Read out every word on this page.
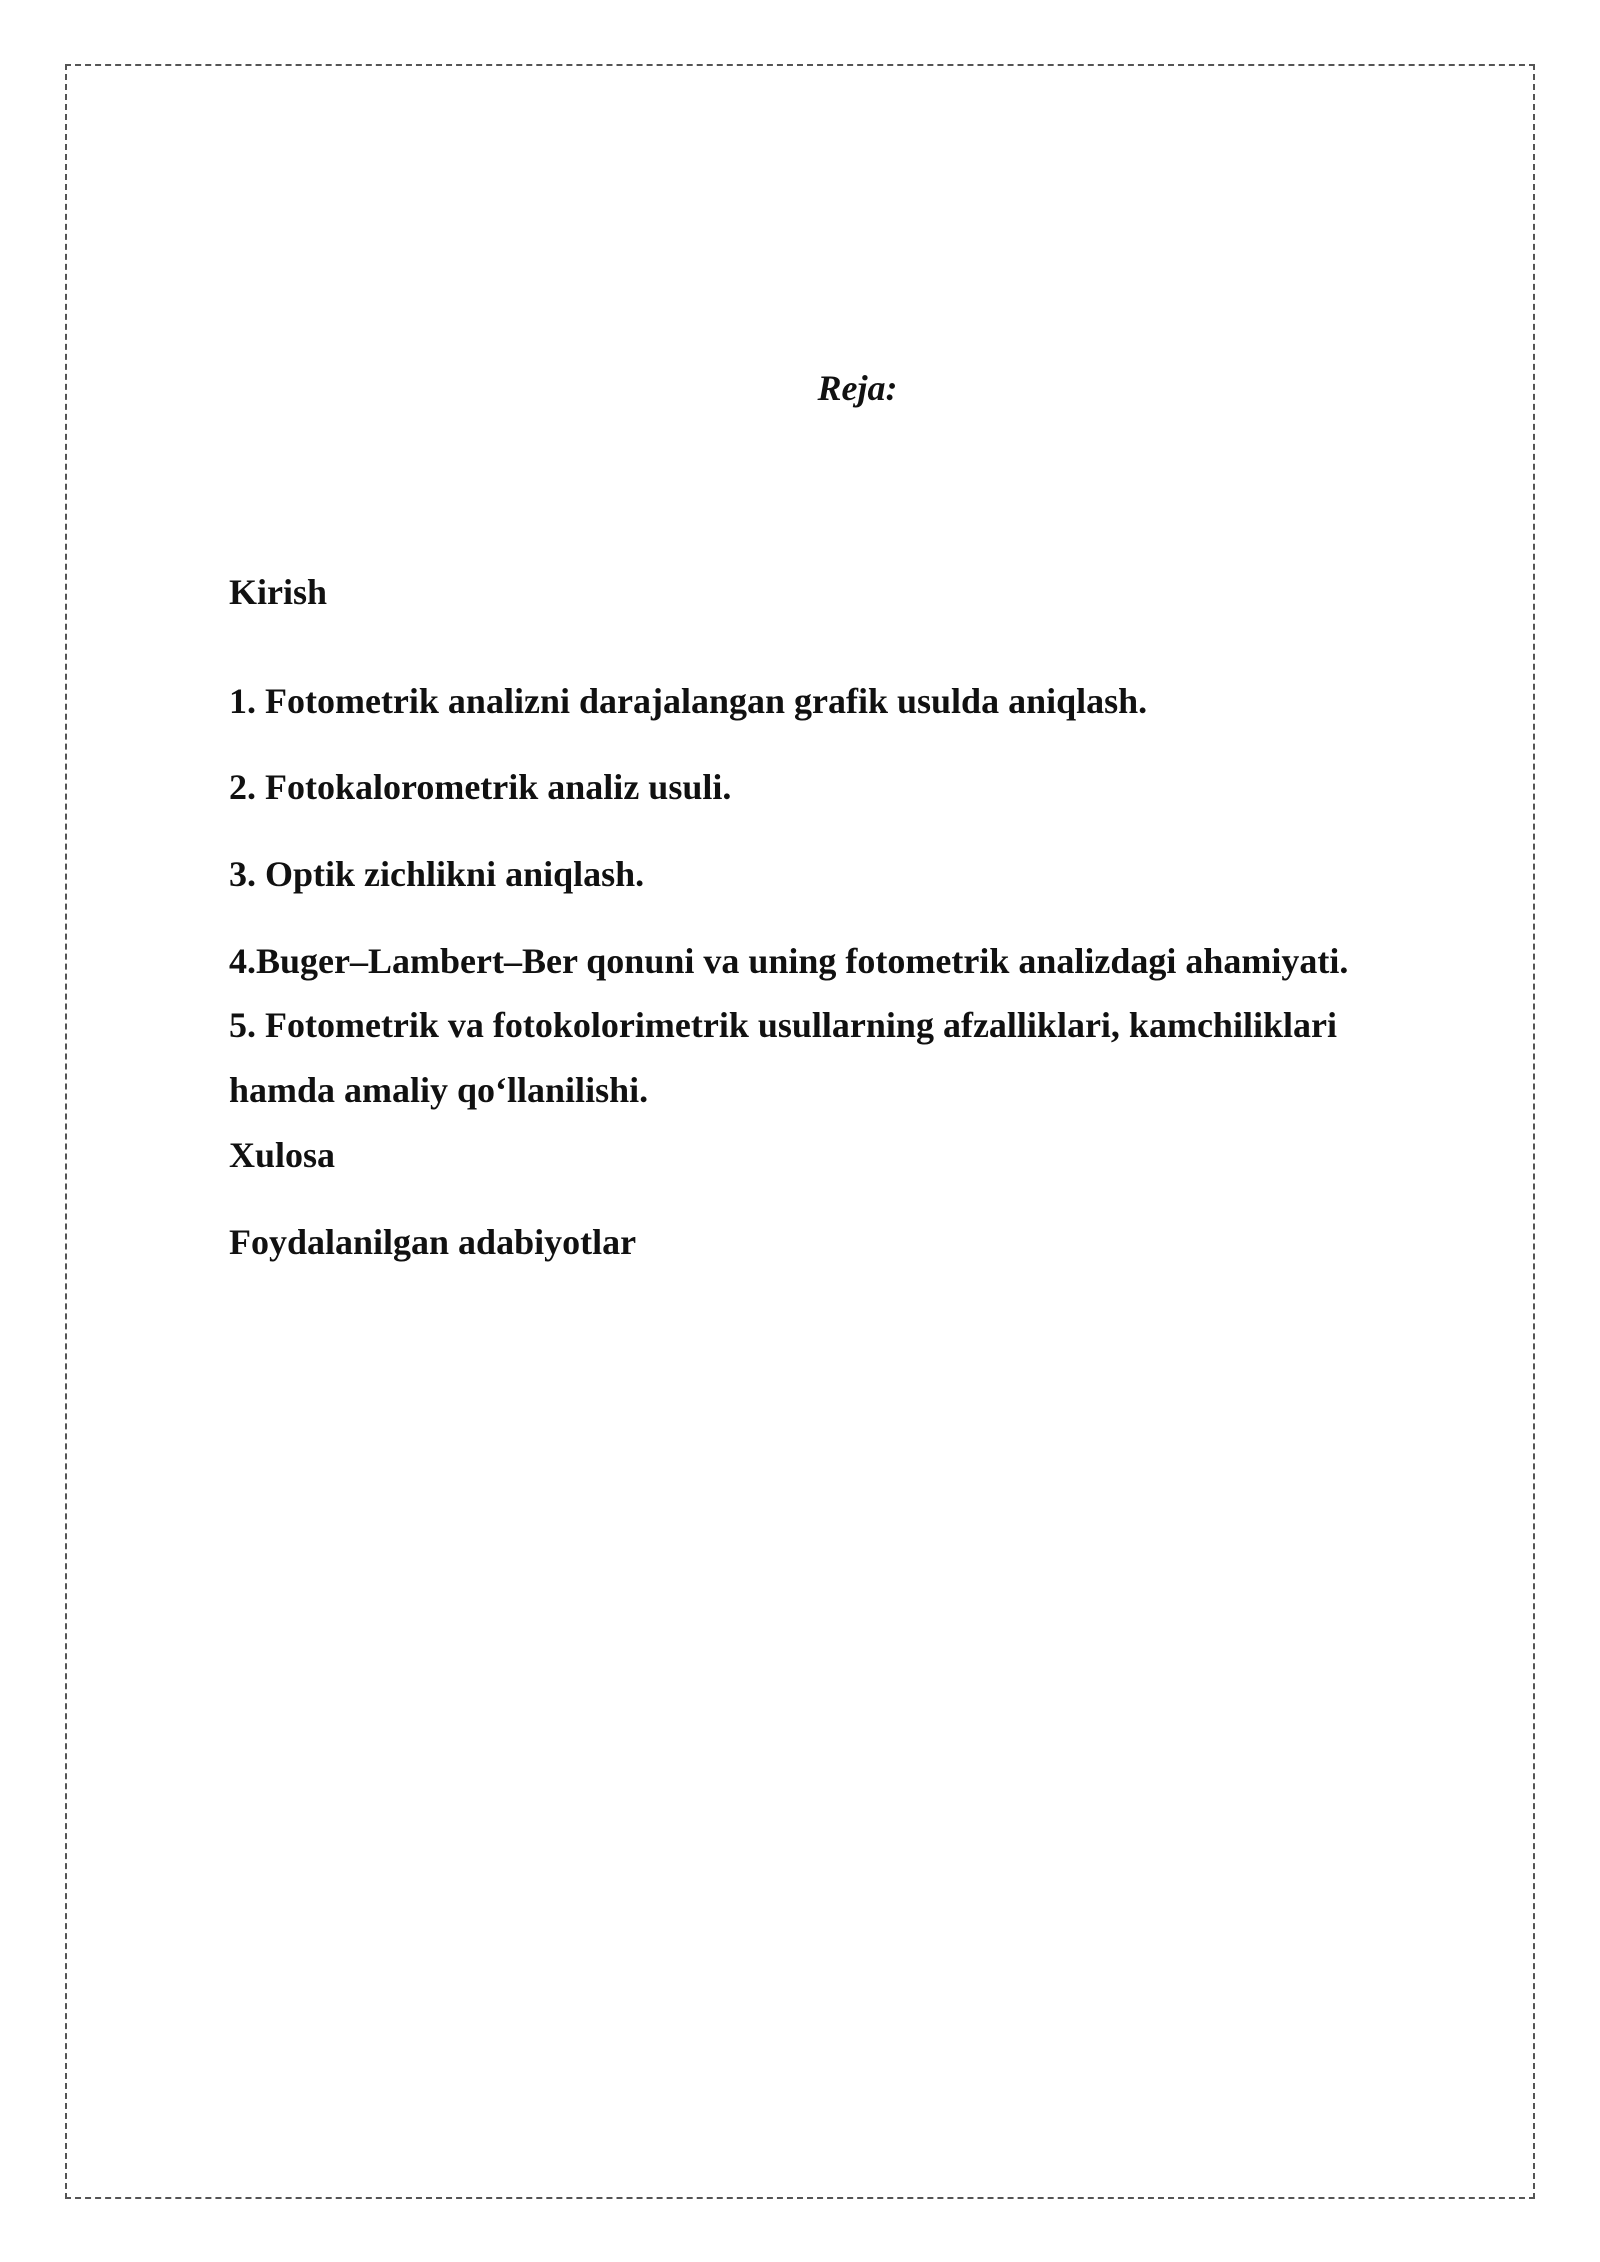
Reja:

Kirish

1. Fotometrik analizni darajalangan grafik usulda aniqlash.

2. Fotokalorometrik analiz usuli.

3. Optik zichlikni aniqlash.

4.Buger–Lambert–Ber qonuni va uning fotometrik analizdagi ahamiyati.

5. Fotometrik va fotokolorimetrik usullarning afzalliklari, kamchiliklari

hamda amaliy qo‘llanilishi.

Xulosa

Foydalanilgan adabiyotlar
